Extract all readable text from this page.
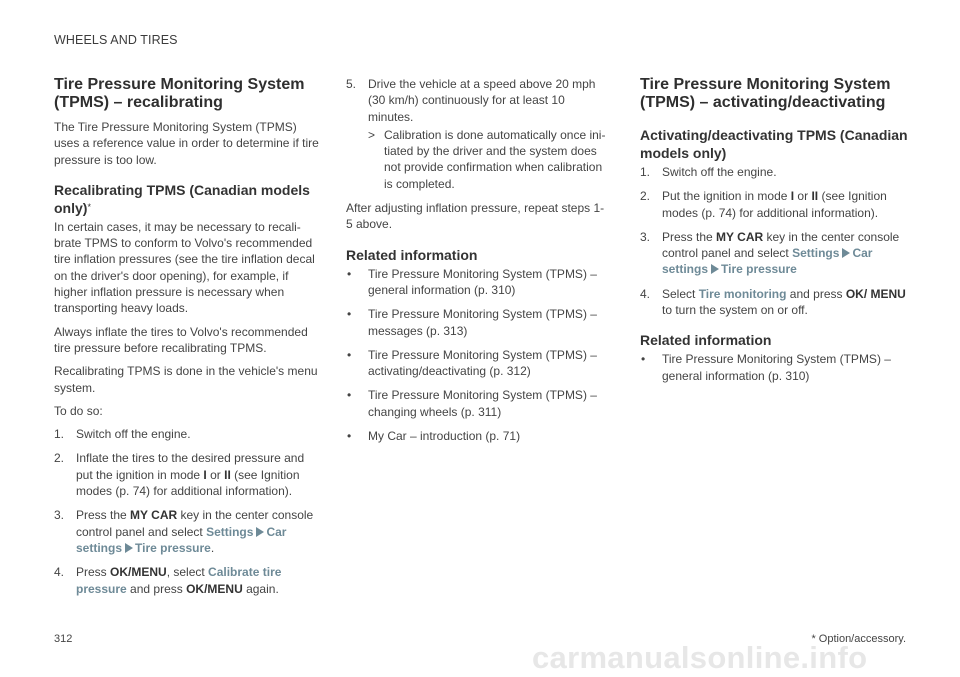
WHEELS AND TIRES
Tire Pressure Monitoring System (TPMS) – recalibrating

The Tire Pressure Monitoring System (TPMS) uses a reference value in order to determine if tire pressure is too low.

Recalibrating TPMS (Canadian models only)*

In certain cases, it may be necessary to recali-brate TPMS to conform to Volvo's recommended tire inflation pressures (see the tire inflation decal on the driver's door opening), for example, if higher inflation pressure is necessary when transporting heavy loads.

Always inflate the tires to Volvo's recommended tire pressure before recalibrating TPMS.

Recalibrating TPMS is done in the vehicle's menu system.

To do so:

1. Switch off the engine.
2. Inflate the tires to the desired pressure and put the ignition in mode I or II (see Ignition modes (p. 74) for additional information).
3. Press the MY CAR key in the center console control panel and select Settings Car settings Tire pressure.
4. Press OK/MENU, select Calibrate tire pressure and press OK/MENU again.
5. Drive the vehicle at a speed above 20 mph (30 km/h) continuously for at least 10 minutes.
> Calibration is done automatically once ini-tiated by the driver and the system does not provide confirmation when calibration is completed.

After adjusting inflation pressure, repeat steps 1-5 above.

Related information
• Tire Pressure Monitoring System (TPMS) – general information (p. 310)
• Tire Pressure Monitoring System (TPMS) – messages (p. 313)
• Tire Pressure Monitoring System (TPMS) – activating/deactivating (p. 312)
• Tire Pressure Monitoring System (TPMS) – changing wheels (p. 311)
• My Car – introduction (p. 71)
Tire Pressure Monitoring System (TPMS) – activating/deactivating
Activating/deactivating TPMS (Canadian models only)
1. Switch off the engine.
2. Put the ignition in mode I or II (see Ignition modes (p. 74) for additional information).
3. Press the MY CAR key in the center console control panel and select Settings Car settings Tire pressure
4. Select Tire monitoring and press OK/ MENU to turn the system on or off.
Related information
• Tire Pressure Monitoring System (TPMS) – general information (p. 310)
312	* Option/accessory.
carmanualsonline.info
